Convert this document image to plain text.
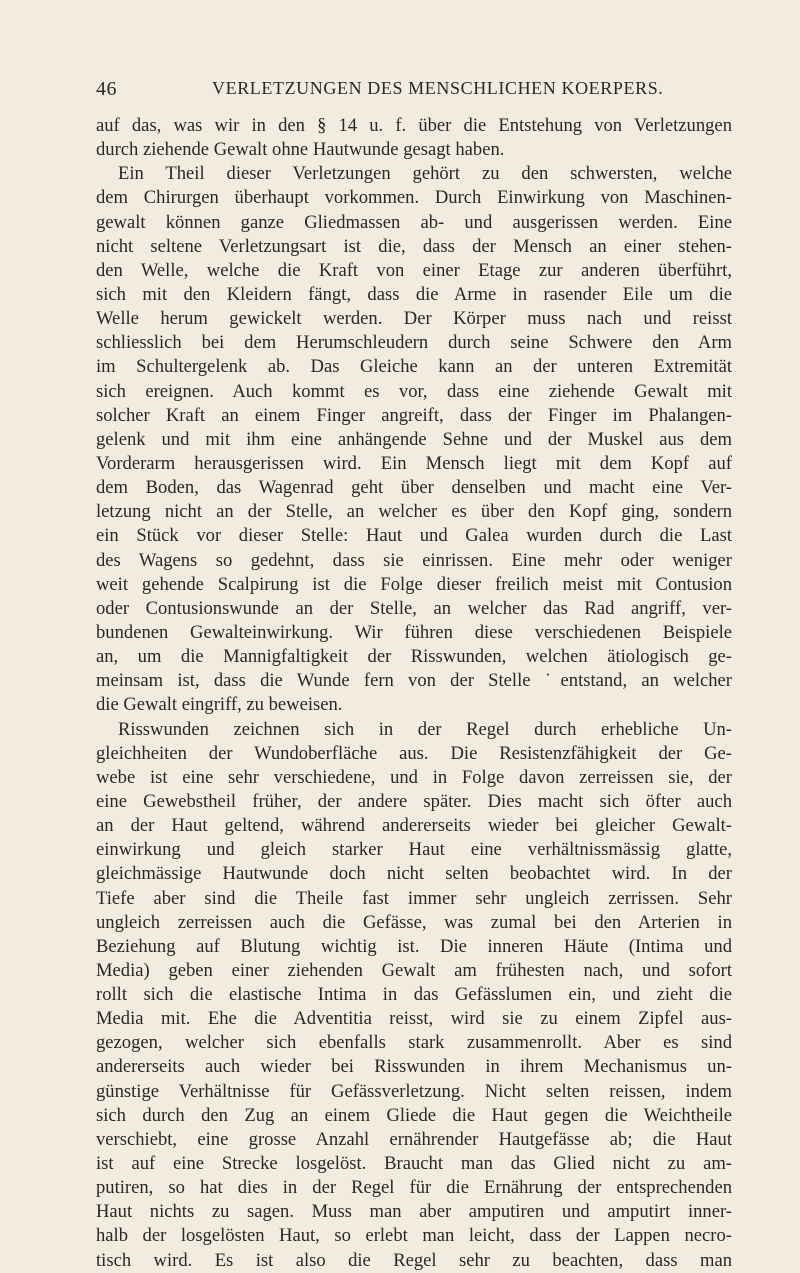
46	VERLETZUNGEN DES MENSCHLICHEN KOERPERS.
auf das, was wir in den § 14 u. f. über die Entstehung von Verletzungen
durch ziehende Gewalt ohne Hautwunde gesagt haben.
Ein Theil dieser Verletzungen gehört zu den schwersten, welche
dem Chirurgen überhaupt vorkommen. Durch Einwirkung von Maschinen-
gewalt können ganze Gliedmassen ab- und ausgerissen werden. Eine
nicht seltene Verletzungsart ist die, dass der Mensch an einer stehen-
den Welle, welche die Kraft von einer Etage zur anderen überführt,
sich mit den Kleidern fängt, dass die Arme in rasender Eile um die
Welle herum gewickelt werden. Der Körper muss nach und reisst
schliesslich bei dem Herumschleudern durch seine Schwere den Arm
im Schultergelenk ab. Das Gleiche kann an der unteren Extremität
sich ereignen. Auch kommt es vor, dass eine ziehende Gewalt mit
solcher Kraft an einem Finger angreift, dass der Finger im Phalangen-
gelenk und mit ihm eine anhängende Sehne und der Muskel aus dem
Vorderarm herausgerissen wird. Ein Mensch liegt mit dem Kopf auf
dem Boden, das Wagenrad geht über denselben und macht eine Ver-
letzung nicht an der Stelle, an welcher es über den Kopf ging, sondern
ein Stück vor dieser Stelle: Haut und Galea wurden durch die Last
des Wagens so gedehnt, dass sie einrissen. Eine mehr oder weniger
weit gehende Scalpirung ist die Folge dieser freilich meist mit Contusion
oder Contusionswunde an der Stelle, an welcher das Rad angriff, ver-
bundenen Gewalteinwirkung. Wir führen diese verschiedenen Beispiele
an, um die Mannigfaltigkeit der Risswunden, welchen ätiologisch ge-
meinsam ist, dass die Wunde fern von der Stelle ˙entstand, an welcher
die Gewalt eingriff, zu beweisen.
Risswunden zeichnen sich in der Regel durch erhebliche Un-
gleichheiten der Wundoberfläche aus. Die Resistenzfähigkeit der Ge-
webe ist eine sehr verschiedene, und in Folge davon zerreissen sie, der
eine Gewebstheil früher, der andere später. Dies macht sich öfter auch
an der Haut geltend, während andererseits wieder bei gleicher Gewalt-
einwirkung und gleich starker Haut eine verhältnissmässig glatte,
gleichmässige Hautwunde doch nicht selten beobachtet wird. In der
Tiefe aber sind die Theile fast immer sehr ungleich zerrissen. Sehr
ungleich zerreissen auch die Gefässe, was zumal bei den Arterien in
Beziehung auf Blutung wichtig ist. Die inneren Häute (Intima und
Media) geben einer ziehenden Gewalt am frühesten nach, und sofort
rollt sich die elastische Intima in das Gefässlumen ein, und zieht die
Media mit. Ehe die Adventitia reisst, wird sie zu einem Zipfel aus-
gezogen, welcher sich ebenfalls stark zusammenrollt. Aber es sind
andererseits auch wieder bei Risswunden in ihrem Mechanismus un-
günstige Verhältnisse für Gefässverletzung. Nicht selten reissen, indem
sich durch den Zug an einem Gliede die Haut gegen die Weichtheile
verschiebt, eine grosse Anzahl ernährender Hautgefässe ab; die Haut
ist auf eine Strecke losgelöst. Braucht man das Glied nicht zu am-
putiren, so hat dies in der Regel für die Ernährung der entsprechenden
Haut nichts zu sagen. Muss man aber amputiren und amputirt inner-
halb der losgelösten Haut, so erlebt man leicht, dass der Lappen necro-
tisch wird. Es ist also die Regel sehr zu beachten, dass man
